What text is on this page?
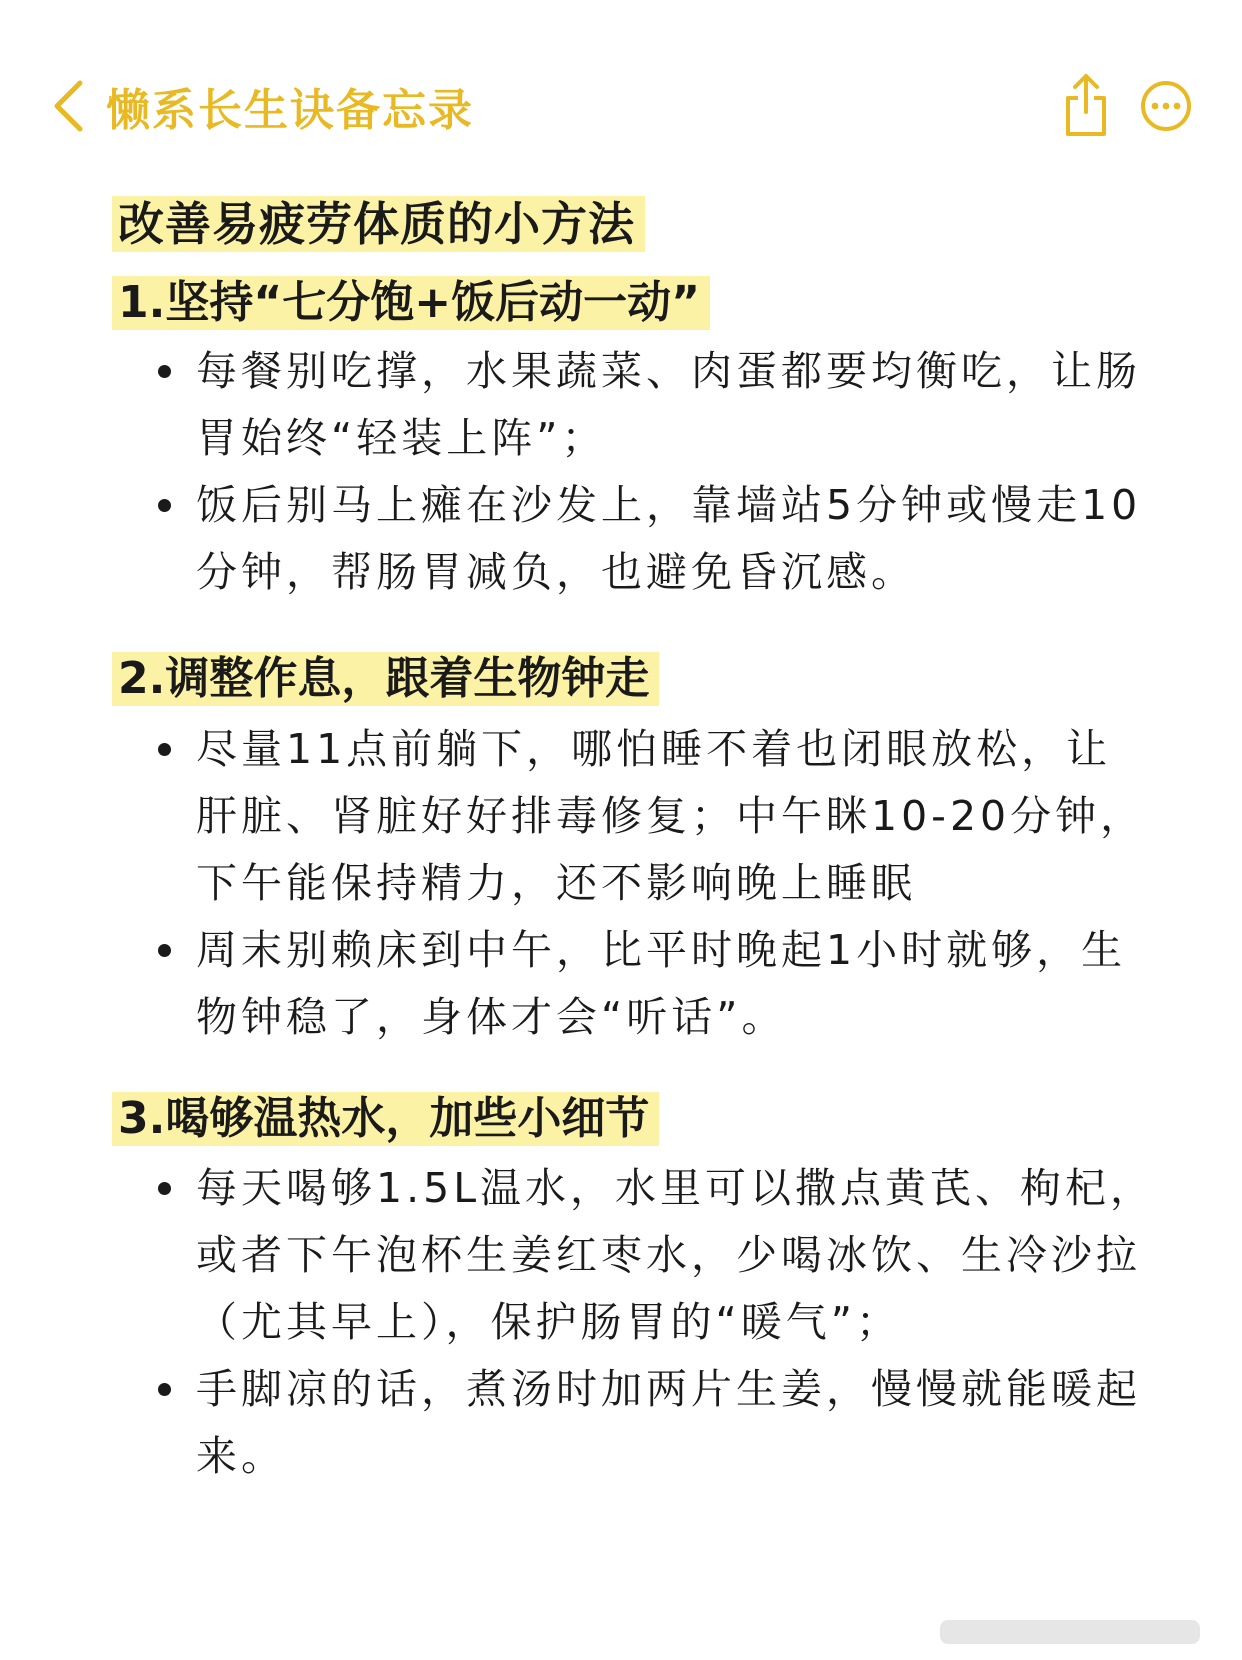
懒系长生诀备忘录
改善易疲劳体质的小方法
1.坚持“七分饱+饭后动一动”
每餐别吃撑，水果蔬菜、肉蛋都要均衡吃，让肠胃始终“轻装上阵”；
饭后别马上瘫在沙发上，靠墙站5分钟或慢走10分钟，帮肠胃减负，也避免昏沉感。
2.调整作息，跟着生物钟走
尽量11点前躺下，哪怕睡不着也闭眼放松，让肝脏、肾脏好好排毒修复；中午眯10-20分钟，下午能保持精力，还不影响晚上睡眠
周末别赖床到中午，比平时晚起1小时就够，生物钟稳了，身体才会“听话”。
3.喝够温热水，加些小细节
每天喝够1.5L温水，水里可以撒点黄芪、枸杞，或者下午泡杯生姜红枣水，少喝冰饮、生冷沙拉（尤其早上），保护肠胃的“暖气”；
手脚凉的话，煮汤时加两片生姜，慢慢就能暖起来。
